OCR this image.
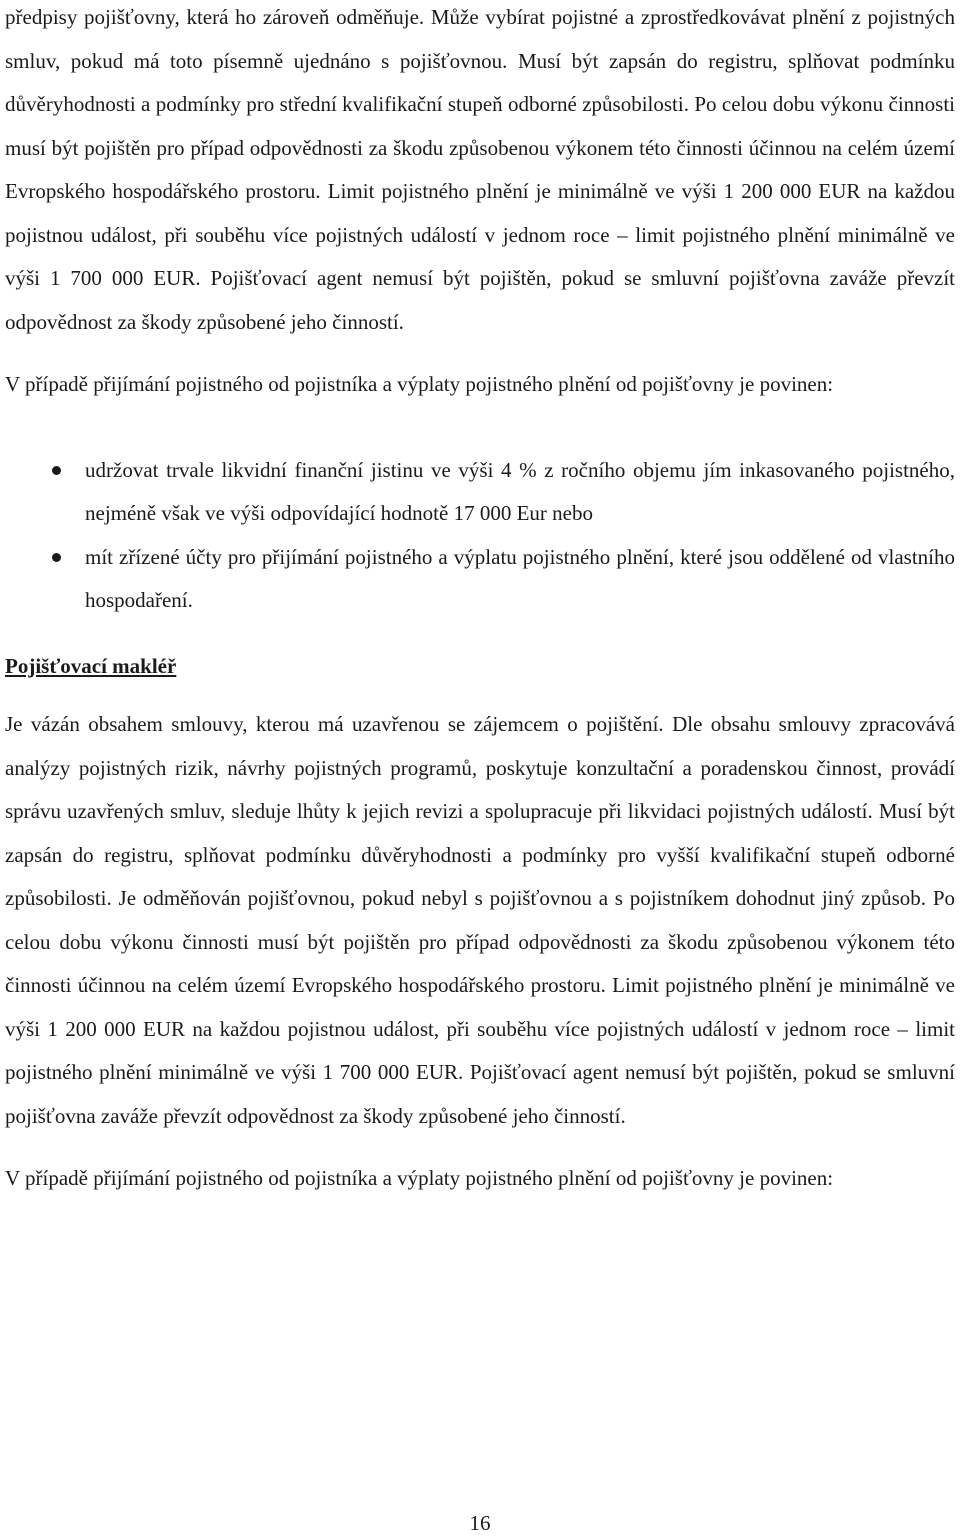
předpisy pojišťovny, která ho zároveň odměňuje. Může vybírat pojistné a zprostředkovávat plnění z pojistných smluv, pokud má toto písemně ujednáno s pojišťovnou. Musí být zapsán do registru, splňovat podmínku důvěryhodnosti a podmínky pro střední kvalifikační stupeň odborné způsobilosti. Po celou dobu výkonu činnosti musí být pojištěn pro případ odpovědnosti za škodu způsobenou výkonem této činnosti účinnou na celém území Evropského hospodářského prostoru. Limit pojistného plnění je minimálně ve výši 1 200 000 EUR na každou pojistnou událost, při souběhu více pojistných událostí v jednom roce – limit pojistného plnění minimálně ve výši 1 700 000 EUR. Pojišťovací agent nemusí být pojištěn, pokud se smluvní pojišťovna zaváže převzít odpovědnost za škody způsobené jeho činností.

V případě přijímání pojistného od pojistníka a výplaty pojistného plnění od pojišťovny je povinen:

udržovat trvale likvidní finanční jistinu ve výši 4 % z ročního objemu jím inkasovaného pojistného, nejméně však ve výši odpovídající hodnotě 17 000 Eur nebo
mít zřízené účty pro přijímání pojistného a výplatu pojistného plnění, které jsou oddělené od vlastního hospodaření.
Pojišťovací makléř

Je vázán obsahem smlouvy, kterou má uzavřenou se zájemcem o pojištění. Dle obsahu smlouvy zpracovává analýzy pojistných rizik, návrhy pojistných programů, poskytuje konzultační a poradenskou činnost, provádí správu uzavřených smluv, sleduje lhůty k jejich revizi a spolupracuje při likvidaci pojistných událostí. Musí být zapsán do registru, splňovat podmínku důvěryhodnosti a podmínky pro vyšší kvalifikační stupeň odborné způsobilosti. Je odměňován pojišťovnou, pokud nebyl s pojišťovnou a s pojistníkem dohodnut jiný způsob. Po celou dobu výkonu činnosti musí být pojištěn pro případ odpovědnosti za škodu způsobenou výkonem této činnosti účinnou na celém území Evropského hospodářského prostoru. Limit pojistného plnění je minimálně ve výši 1 200 000 EUR na každou pojistnou událost, při souběhu více pojistných událostí v jednom roce – limit pojistného plnění minimálně ve výši 1 700 000 EUR. Pojišťovací agent nemusí být pojištěn, pokud se smluvní pojišťovna zaváže převzít odpovědnost za škody způsobené jeho činností.

V případě přijímání pojistného od pojistníka a výplaty pojistného plnění od pojišťovny je povinen:

16
